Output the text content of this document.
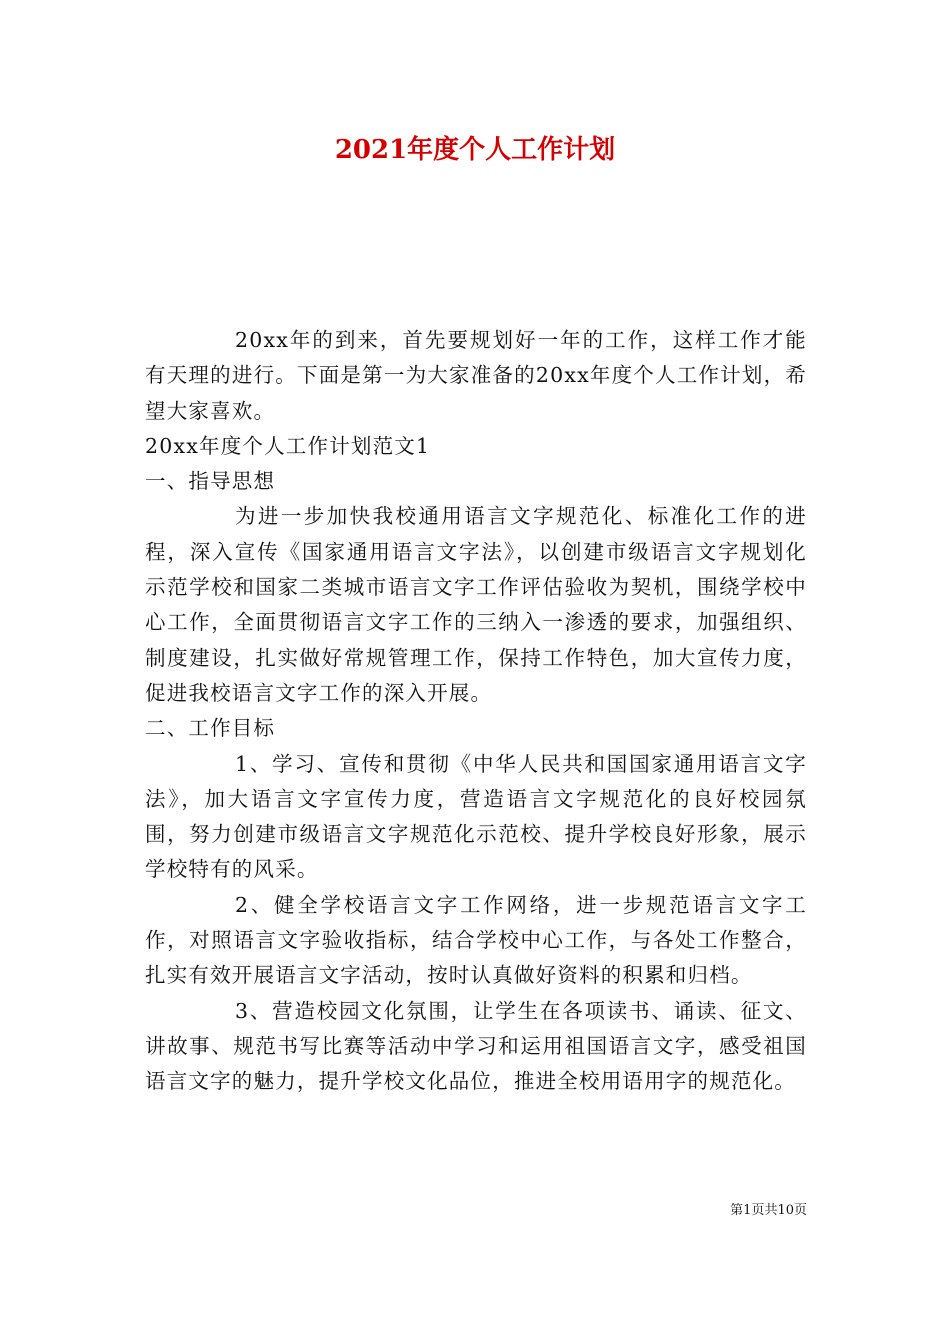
2021年度个人工作计划

20xx年的到来，首先要规划好一年的工作，这样工作才能有天理的进行。下面是第一为大家准备的20xx年度个人工作计划，希望大家喜欢。

20xx年度个人工作计划范文1

一、指导思想

为进一步加快我校通用语言文字规范化、标准化工作的进程，深入宣传《国家通用语言文字法》，以创建市级语言文字规划化示范学校和国家二类城市语言文字工作评估验收为契机，围绕学校中心工作，全面贯彻语言文字工作的三纳入一渗透的要求，加强组织、制度建设，扎实做好常规管理工作，保持工作特色，加大宣传力度，促进我校语言文字工作的深入开展。

二、工作目标

1、学习、宣传和贯彻《中华人民共和国国家通用语言文字法》，加大语言文字宣传力度，营造语言文字规范化的良好校园氛围，努力创建市级语言文字规范化示范校、提升学校良好形象，展示学校特有的风采。

2、健全学校语言文字工作网络，进一步规范语言文字工作，对照语言文字验收指标，结合学校中心工作，与各处工作整合，扎实有效开展语言文字活动，按时认真做好资料的积累和归档。

3、营造校园文化氛围，让学生在各项读书、诵读、征文、讲故事、规范书写比赛等活动中学习和运用祖国语言文字，感受祖国语言文字的魅力，提升学校文化品位，推进全校用语用字的规范化。

第1页共10页
